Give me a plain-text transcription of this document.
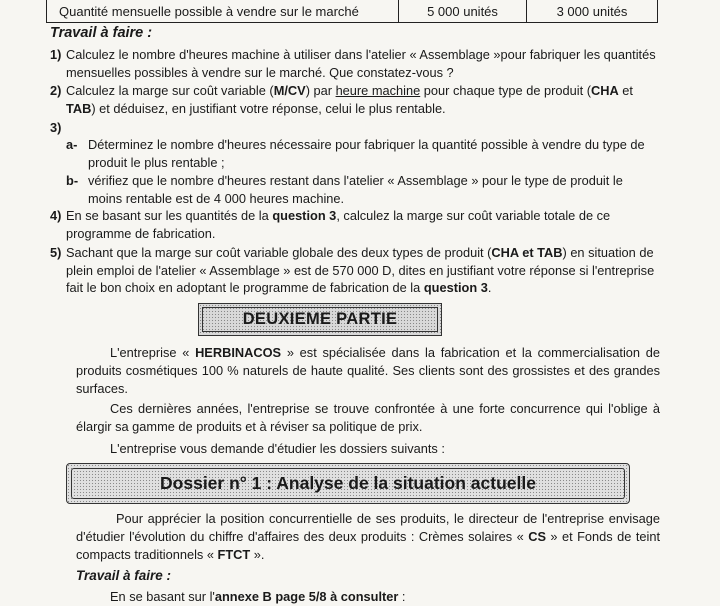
Quantité mensuelle possible à vendre sur le marché	5 000 unités	3 000 unités
Travail à faire :
1) Calculez le nombre d'heures machine à utiliser dans l'atelier « Assemblage »pour fabriquer les quantités mensuelles possibles à vendre sur le marché. Que constatez-vous ?
2) Calculez la marge sur coût variable (M/CV) par heure machine pour chaque type de produit (CHA et TAB) et déduisez, en justifiant votre réponse, celui le plus rentable.
3)
a- Déterminez le nombre d'heures nécessaire pour fabriquer la quantité possible à vendre du type de produit le plus rentable ;
b- vérifiez que le nombre d'heures restant dans l'atelier « Assemblage » pour le type de produit le moins rentable est de 4 000 heures machine.
4) En se basant sur les quantités de la question 3, calculez la marge sur coût variable totale de ce programme de fabrication.
5) Sachant que la marge sur coût variable globale des deux types de produit (CHA et TAB) en situation de plein emploi de l'atelier « Assemblage » est de 570 000 D, dites en justifiant votre réponse si l'entreprise fait le bon choix en adoptant le programme de fabrication de la question 3.
DEUXIEME PARTIE
L'entreprise « HERBINACOS » est spécialisée dans la fabrication et la commercialisation de produits cosmétiques 100 % naturels de haute qualité. Ses clients sont des grossistes et des grandes surfaces.
Ces dernières années, l'entreprise se trouve confrontée à une forte concurrence qui l'oblige à élargir sa gamme de produits et à réviser sa politique de prix.
L'entreprise vous demande d'étudier les dossiers suivants :
Dossier n° 1 : Analyse de la situation actuelle
Pour apprécier la position concurrentielle de ses produits, le directeur de l'entreprise envisage d'étudier l'évolution du chiffre d'affaires des deux produits : Crèmes solaires « CS » et Fonds de teint compacts traditionnels « FTCT ».
Travail à faire :
En se basant sur l'annexe B page 5/8 à consulter :
